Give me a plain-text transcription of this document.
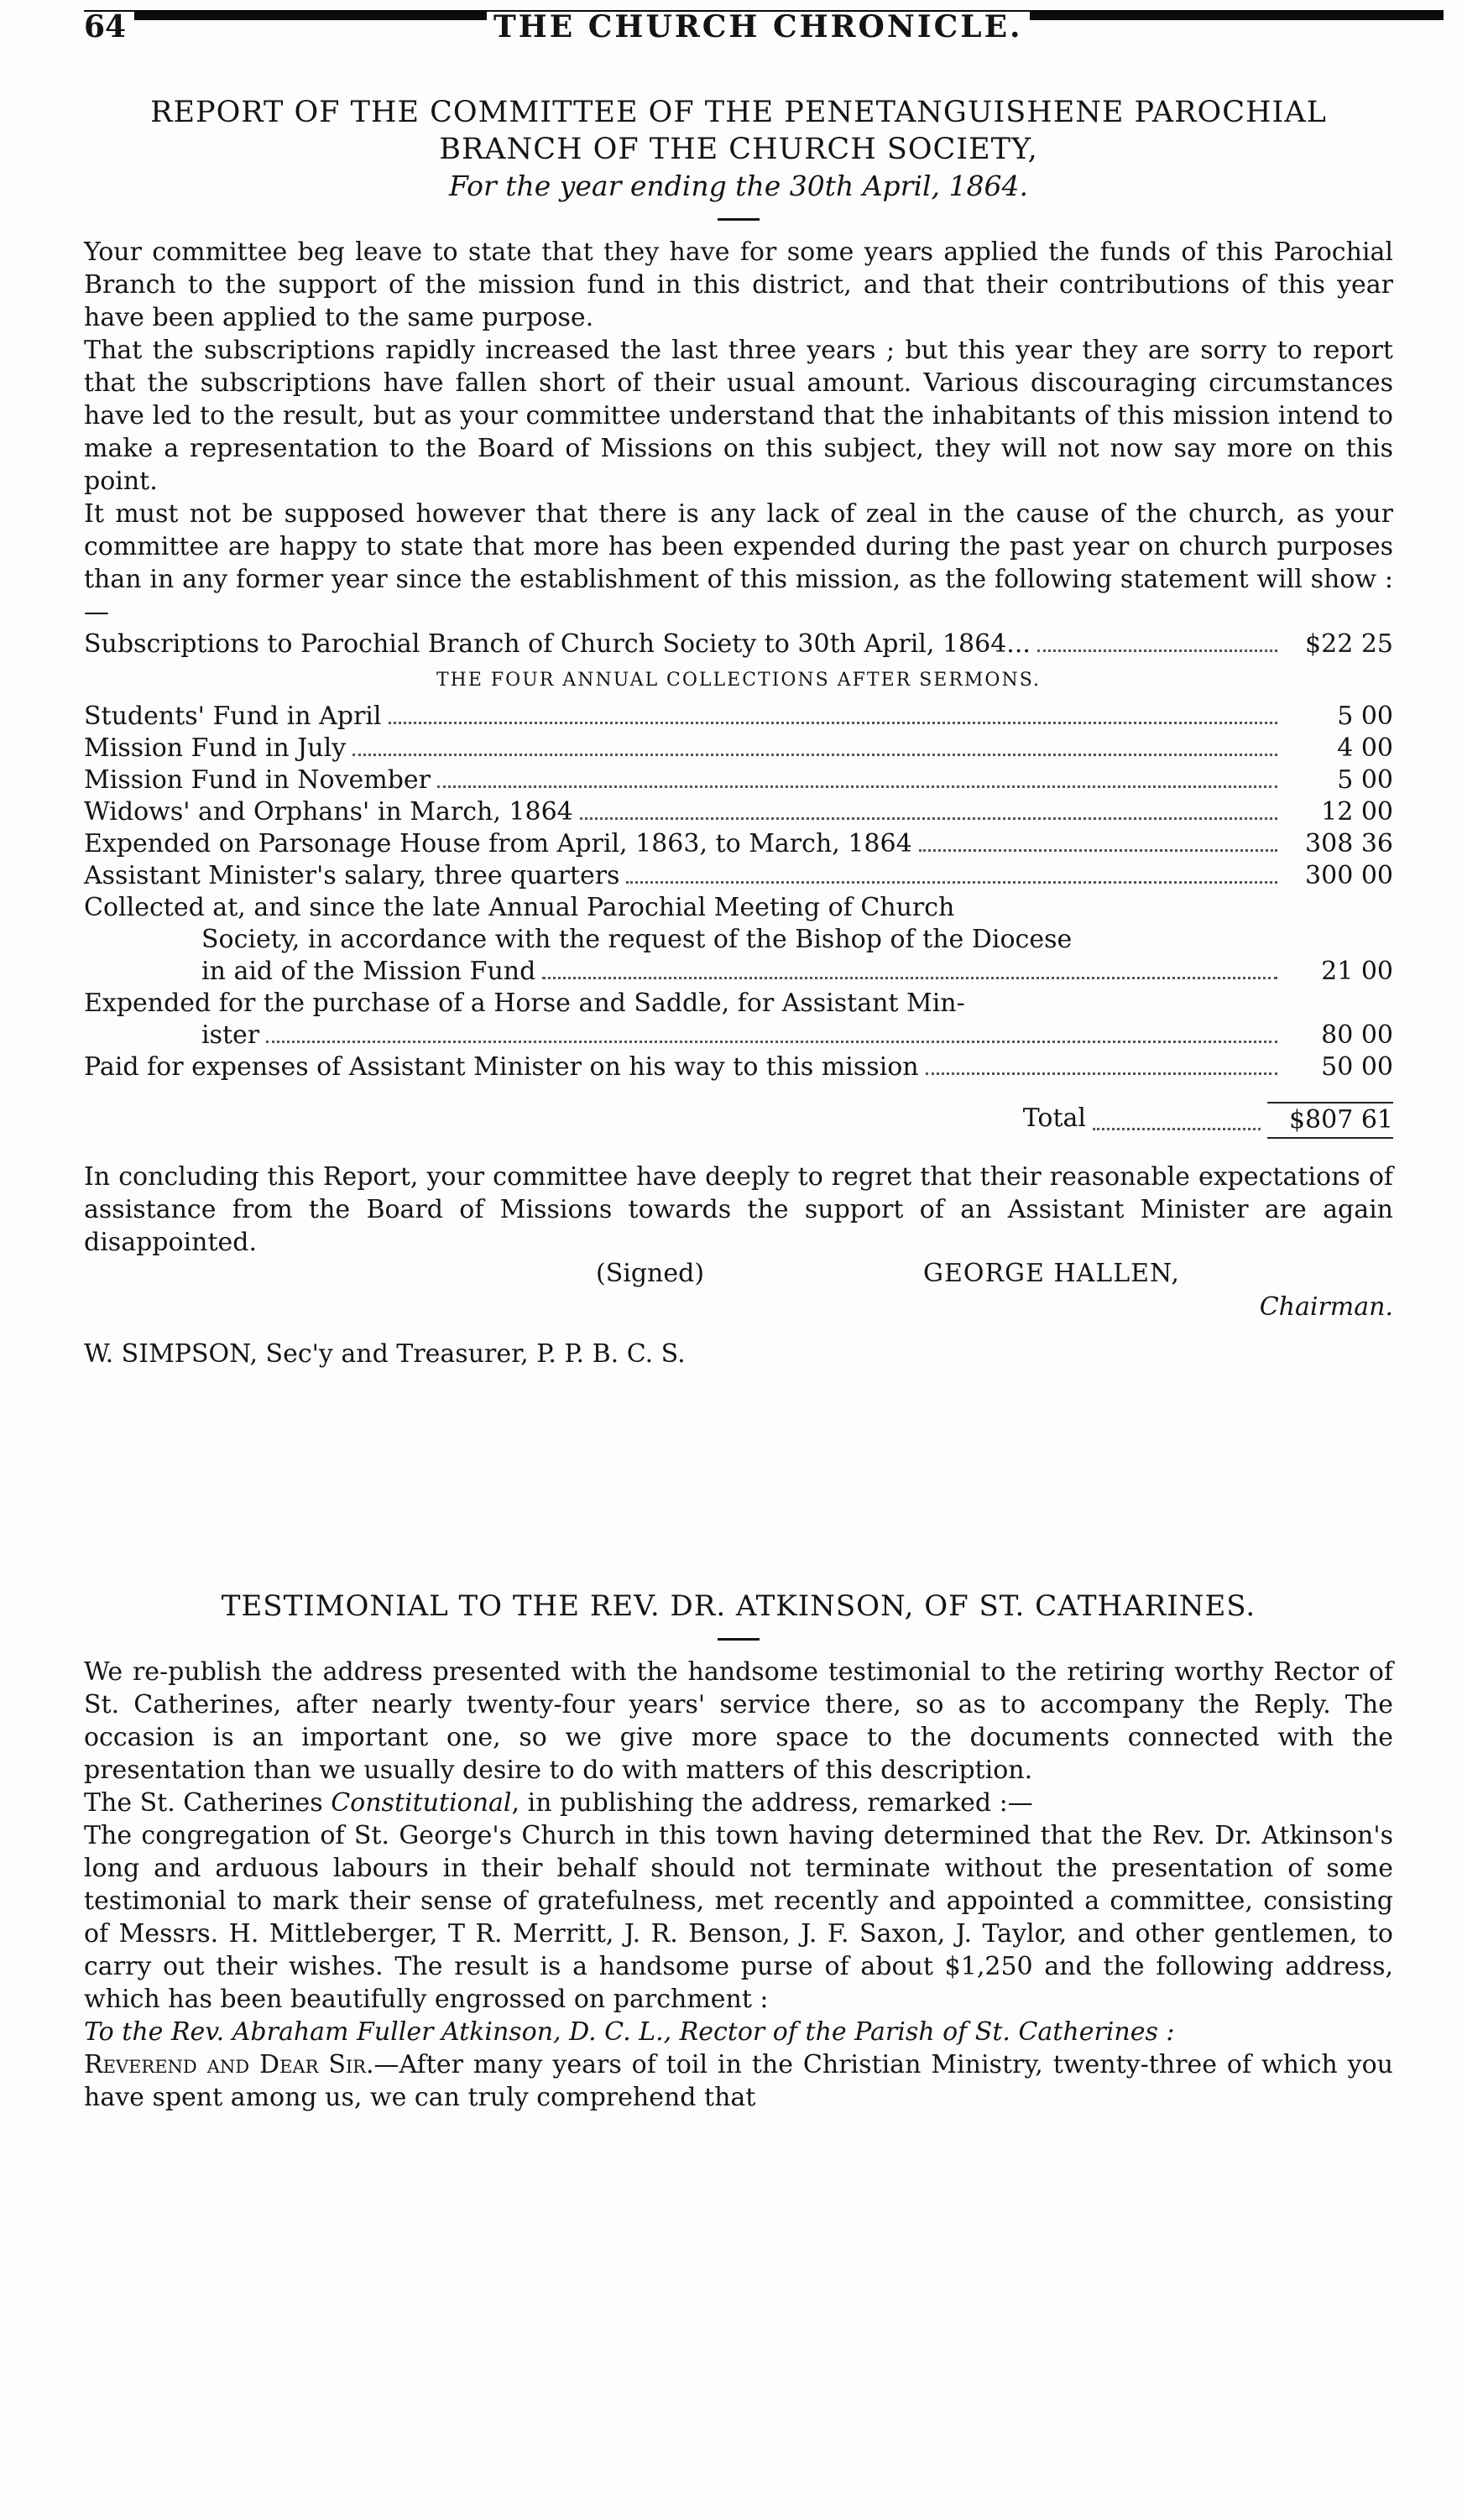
64	THE CHURCH CHRONICLE.
REPORT OF THE COMMITTEE OF THE PENETANGUISHENE PAROCHIAL
BRANCH OF THE CHURCH SOCIETY,
For the year ending the 30th April, 1864.

Your committee beg leave to state that they have for some years applied the funds of this Parochial Branch to the support of the mission fund in this district, and that their contributions of this year have been applied to the same purpose.

That the subscriptions rapidly increased the last three years ; but this year they are sorry to report that the subscriptions have fallen short of their usual amount. Various discouraging circumstances have led to the result, but as your committee understand that the inhabitants of this mission intend to make a representation to the Board of Missions on this subject, they will not now say more on this point.

It must not be supposed however that there is any lack of zeal in the cause of the church, as your committee are happy to state that more has been expended during the past year on church purposes than in any former year since the establishment of this mission, as the following statement will show :—

Subscriptions to Parochial Branch of Church Society to 30th April, 1864...	$22 25
THE FOUR ANNUAL COLLECTIONS AFTER SERMONS.
Students' Fund in April	5 00
Mission Fund in July	4 00
Mission Fund in November	5 00
Widows' and Orphans' in March, 1864	12 00
Expended on Parsonage House from April, 1863, to March, 1864	308 36
Assistant Minister's salary, three quarters	300 00
Collected at, and since the late Annual Parochial Meeting of Church
Society, in accordance with the request of the Bishop of the Diocese
in aid of the Mission Fund	21 00
Expended for the purchase of a Horse and Saddle, for Assistant Min-
ister	80 00
Paid for expenses of Assistant Minister on his way to this mission	50 00
Total	$807 61

In concluding this Report, your committee have deeply to regret that their reasonable expectations of assistance from the Board of Missions towards the support of an Assistant Minister are again disappointed.

(Signed)	GEORGE HALLEN,
Chairman.
W. SIMPSON, Sec'y and Treasurer, P. P. B. C. S.
TESTIMONIAL TO THE REV. DR. ATKINSON, OF ST. CATHARINES.

We re-publish the address presented with the handsome testimonial to the retiring worthy Rector of St. Catherines, after nearly twenty-four years' service there, so as to accompany the Reply. The occasion is an important one, so we give more space to the documents connected with the presentation than we usually desire to do with matters of this description.

The St. Catherines Constitutional, in publishing the address, remarked :—

The congregation of St. George's Church in this town having determined that the Rev. Dr. Atkinson's long and arduous labours in their behalf should not terminate without the presentation of some testimonial to mark their sense of gratefulness, met recently and appointed a committee, consisting of Messrs. H. Mittleberger, T R. Merritt, J. R. Benson, J. F. Saxon, J. Taylor, and other gentlemen, to carry out their wishes. The result is a handsome purse of about $1,250 and the following address, which has been beautifully engrossed on parchment :

To the Rev. Abraham Fuller Atkinson, D. C. L., Rector of the Parish of St. Catherines :

Reverend and Dear Sir.—After many years of toil in the Christian Ministry, twenty-three of which you have spent among us, we can truly comprehend that
